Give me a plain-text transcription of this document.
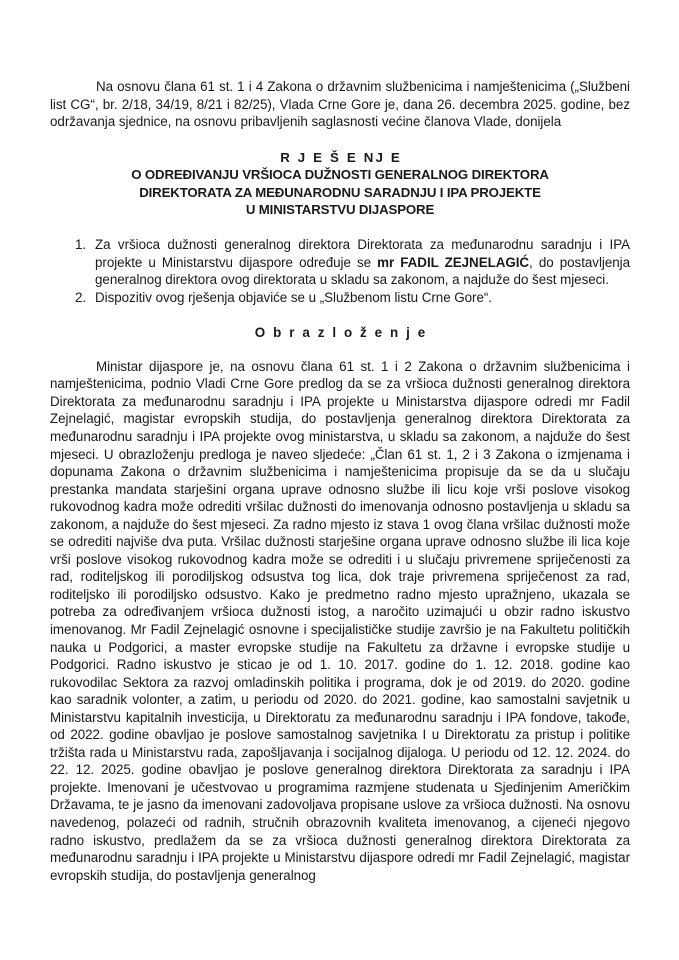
Na osnovu člana 61 st. 1 i 4 Zakona o državnim službenicima i namještenicima („Službeni list CG“, br. 2/18, 34/19, 8/21 i 82/25), Vlada Crne Gore je, dana 26. decembra 2025. godine, bez održavanja sjednice, na osnovu pribavljenih saglasnosti većine članova Vlade, donijela

R J E Š E NJ E
O ODREĐIVANJU VRŠIOCA DUŽNOSTI GENERALNOG DIREKTORA
DIREKTORATA ZA MEĐUNARODNU SARADNJU I IPA PROJEKTE
U MINISTARSTVU DIJASPORE
1. Za vršioca dužnosti generalnog direktora Direktorata za međunarodnu saradnju i IPA projekte u Ministarstvu dijaspore određuje se mr FADIL ZEJNELAGIĆ, do postavljenja generalnog direktora ovog direktorata u skladu sa zakonom, a najduže do šest mjeseci.
2. Dispozitiv ovog rješenja objaviće se u „Službenom listu Crne Gore“.
O b r a z l o ž e n j e

Ministar dijaspore je, na osnovu člana 61 st. 1 i 2 Zakona o državnim službenicima i namještenicima, podnio Vladi Crne Gore predlog da se za vršioca dužnosti generalnog direktora Direktorata za međunarodnu saradnju i IPA projekte u Ministarstva dijaspore odredi mr Fadil Zejnelagić, magistar evropskih studija, do postavljenja generalnog direktora Direktorata za međunarodnu saradnju i IPA projekte ovog ministarstva, u skladu sa zakonom, a najduže do šest mjeseci. U obrazloženju predloga je naveo sljedeće: „Član 61 st. 1, 2 i 3 Zakona o izmjenama i dopunama Zakona o državnim službenicima i namještenicima propisuje da se da u slučaju prestanka mandata starješini organa uprave odnosno službe ili licu koje vrši poslove visokog rukovodnog kadra može odrediti vršilac dužnosti do imenovanja odnosno postavljenja u skladu sa zakonom, a najduže do šest mjeseci. Za radno mjesto iz stava 1 ovog člana vršilac dužnosti može se odrediti najviše dva puta. Vršilac dužnosti starješine organa uprave odnosno službe ili lica koje vrši poslove visokog rukovodnog kadra može se odrediti i u slučaju privremene spriječenosti za rad, roditeljskog ili porodiljskog odsustva tog lica, dok traje privremena spriječenost za rad, roditeljsko ili porodiljsko odsustvo. Kako je predmetno radno mjesto upražnjeno, ukazala se potreba za određivanjem vršioca dužnosti istog, a naročito uzimajući u obzir radno iskustvo imenovanog. Mr Fadil Zejnelagić osnovne i specijalističke studije završio je na Fakultetu političkih nauka u Podgorici, a master evropske studije na Fakultetu za državne i evropske studije u Podgorici. Radno iskustvo je sticao je od 1. 10. 2017. godine do 1. 12. 2018. godine kao rukovodilac Sektora za razvoj omladinskih politika i programa, dok je od 2019. do 2020. godine kao saradnik volonter, a zatim, u periodu od 2020. do 2021. godine, kao samostalni savjetnik u Ministarstvu kapitalnih investicija, u Direktoratu za međunarodnu saradnju i IPA fondove, takođe, od 2022. godine obavljao je poslove samostalnog savjetnika I u Direktoratu za pristup i politike tržišta rada u Ministarstvu rada, zapošljavanja i socijalnog dijaloga. U periodu od 12. 12. 2024. do 22. 12. 2025. godine obavljao je poslove generalnog direktora Direktorata za saradnju i IPA projekte. Imenovani je učestvovao u programima razmjene studenata u Sjedinjenim Američkim Državama, te je jasno da imenovani zadovoljava propisane uslove za vršioca dužnosti. Na osnovu navedenog, polazeći od radnih, stručnih obrazovnih kvaliteta imenovanog, a cijeneći njegovo radno iskustvo, predlažem da se za vršioca dužnosti generalnog direktora Direktorata za međunarodnu saradnju i IPA projekte u Ministarstvu dijaspore odredi mr Fadil Zejnelagić, magistar evropskih studija, do postavljenja generalnog
